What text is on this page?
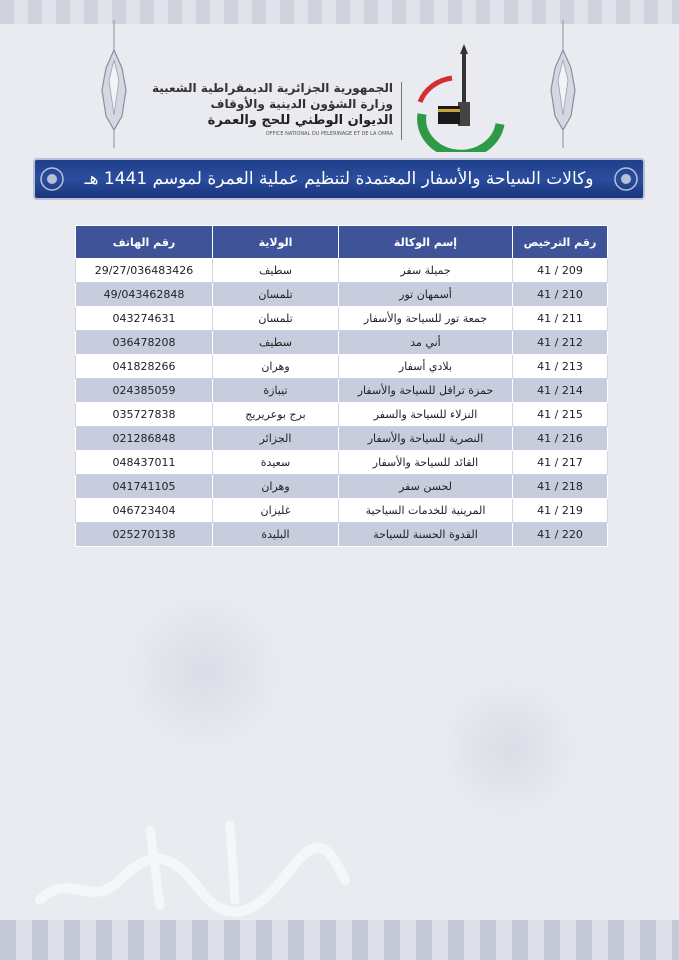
الجمهورية الجزائرية الديمقراطية الشعبية
وزارة الشؤون الدينية والأوقاف
الديوان الوطني للحج والعمرة
OFFICE NATIONAL DU PELERINAGE ET DE LA OMRA
وكالات السياحة والأسفار المعتمدة لتنظيم عملية العمرة لموسم 1441 هـ
رقم الترخيص	إسم الوكالة	الولاية	رقم الهاتف
41 / 209	جميلة سفر	سطيف	29/27/036483426
41 / 210	أسمهان تور	تلمسان	49/043462848
41 / 211	جمعة تور للسياحة والأسفار	تلمسان	043274631
41 / 212	أني مد	سطيف	036478208
41 / 213	بلادي أسفار	وهران	041828266
41 / 214	حمزة ترافل للسياحة والأسفار	تيبازة	024385059
41 / 215	النزلاء للسياحة والسفر	برج بوعريريج	035727838
41 / 216	النصرية للسياحة والأسفار	الجزائر	021286848
41 / 217	القائد للسياحة والأسفار	سعيدة	048437011
41 / 218	لحسن سفر	وهران	041741105
41 / 219	المرينية للخدمات السياحية	غليزان	046723404
41 / 220	القدوة الحسنة للسياحة	البليدة	025270138
